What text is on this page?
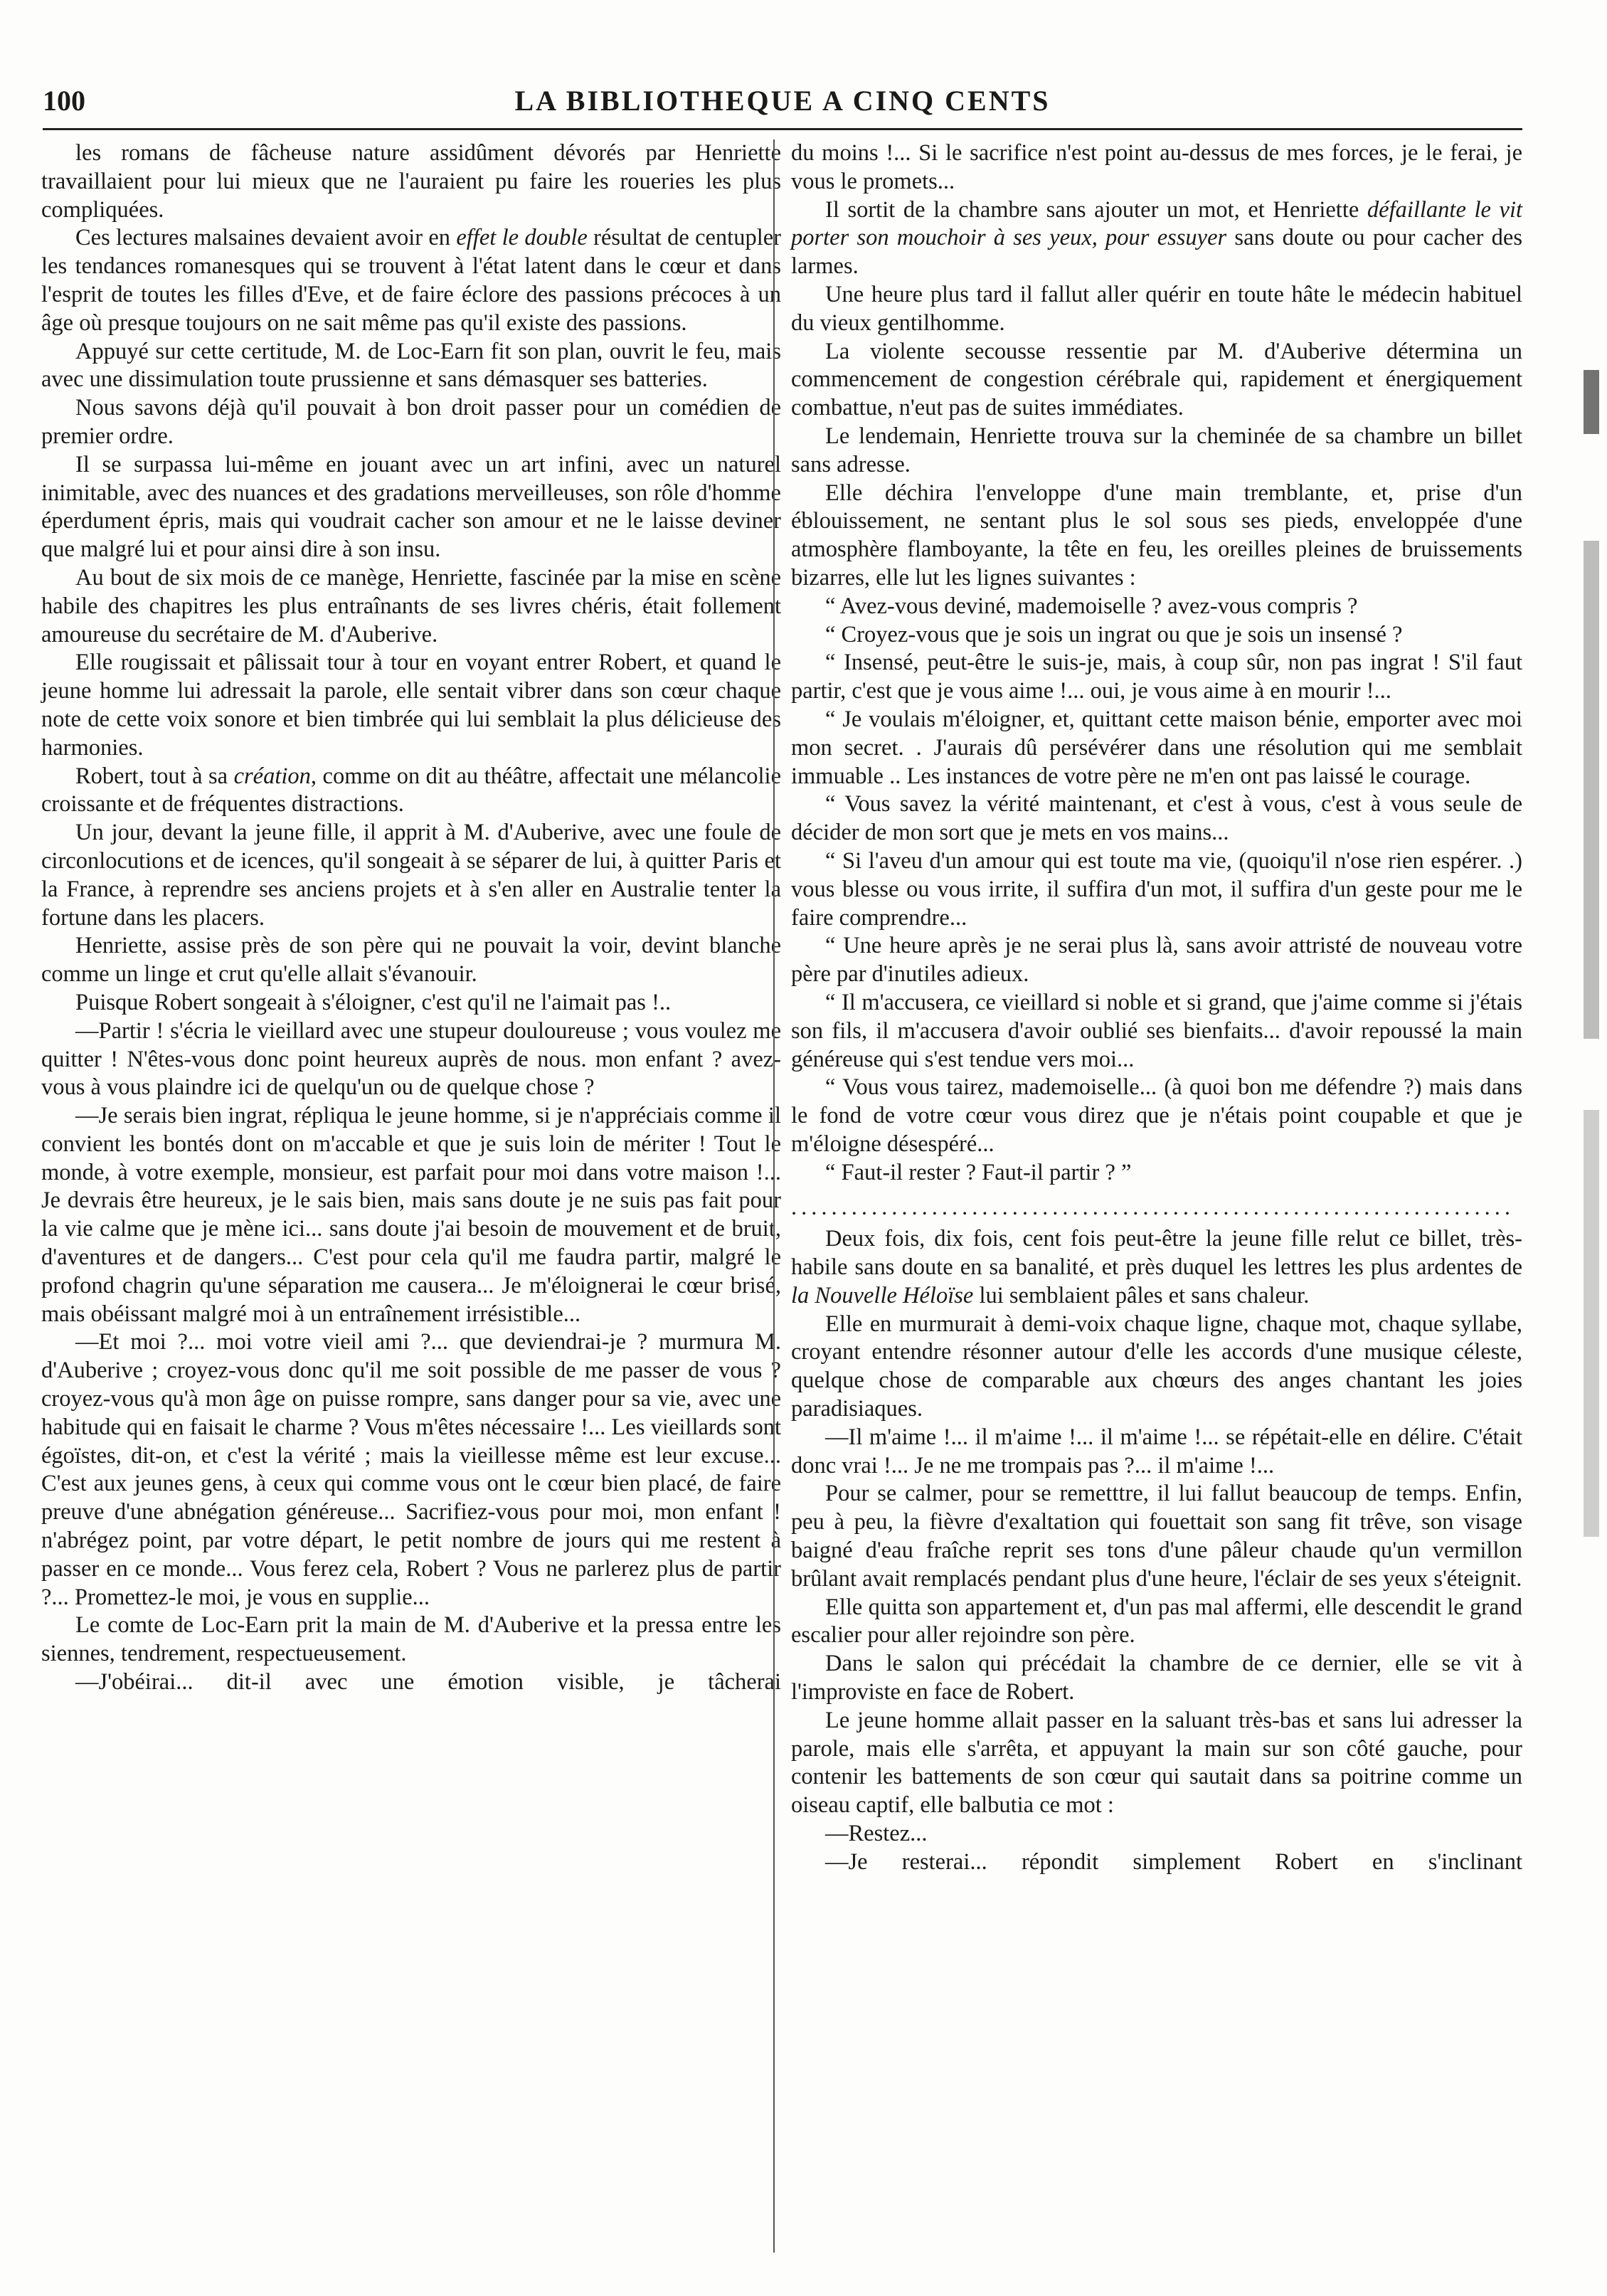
100	LA BIBLIOTHEQUE A CINQ CENTS

les romans de fâcheuse nature assidûment dévorés par Henriette travaillaient pour lui mieux que ne l'auraient pu faire les roueries les plus compliquées.

Ces lectures malsaines devaient avoir en effet le double résultat de centupler les tendances romanesques qui se trouvent à l'état latent dans le cœur et dans l'esprit de toutes les filles d'Eve, et de faire éclore des passions précoces à un âge où presque toujours on ne sait même pas qu'il existe des passions.

Appuyé sur cette certitude, M. de Loc-Earn fit son plan, ouvrit le feu, mais avec une dissimulation toute prussienne et sans démasquer ses batteries.

Nous savons déjà qu'il pouvait à bon droit passer pour un comédien de premier ordre.

Il se surpassa lui-même en jouant avec un art infini, avec un naturel inimitable, avec des nuances et des gradations merveilleuses, son rôle d'homme éperdument épris, mais qui voudrait cacher son amour et ne le laisse deviner que malgré lui et pour ainsi dire à son insu.

Au bout de six mois de ce manège, Henriette, fascinée par la mise en scène habile des chapitres les plus entraînants de ses livres chéris, était follement amoureuse du secrétaire de M. d'Auberive.

Elle rougissait et pâlissait tour à tour en voyant entrer Robert, et quand le jeune homme lui adressait la parole, elle sentait vibrer dans son cœur chaque note de cette voix sonore et bien timbrée qui lui semblait la plus délicieuse des harmonies.

Robert, tout à sa création, comme on dit au théâtre, affectait une mélancolie croissante et de fréquentes distractions.

Un jour, devant la jeune fille, il apprit à M. d'Auberive, avec une foule de circonlocutions et de icences, qu'il songeait à se séparer de lui, à quitter Paris et la France, à reprendre ses anciens projets et à s'en aller en Australie tenter la fortune dans les placers.

Henriette, assise près de son père qui ne pouvait la voir, devint blanche comme un linge et crut qu'elle allait s'évanouir.

Puisque Robert songeait à s'éloigner, c'est qu'il ne l'aimait pas !..

—Partir ! s'écria le vieillard avec une stupeur douloureuse ; vous voulez me quitter ! N'êtes-vous donc point heureux auprès de nous. mon enfant ? avez-vous à vous plaindre ici de quelqu'un ou de quelque chose ?

—Je serais bien ingrat, répliqua le jeune homme, si je n'appréciais comme il convient les bontés dont on m'accable et que je suis loin de mériter ! Tout le monde, à votre exemple, monsieur, est parfait pour moi dans votre maison !... Je devrais être heureux, je le sais bien, mais sans doute je ne suis pas fait pour la vie calme que je mène ici... sans doute j'ai besoin de mouvement et de bruit, d'aventures et de dangers... C'est pour cela qu'il me faudra partir, malgré le profond chagrin qu'une séparation me causera... Je m'éloignerai le cœur brisé, mais obéissant malgré moi à un entraînement irrésistible...

—Et moi ?... moi votre vieil ami ?... que deviendrai-je ? murmura M. d'Auberive ; croyez-vous donc qu'il me soit possible de me passer de vous ? croyez-vous qu'à mon âge on puisse rompre, sans danger pour sa vie, avec une habitude qui en faisait le charme ? Vous m'êtes nécessaire !... Les vieillards sont égoïstes, dit-on, et c'est la vérité ; mais la vieillesse même est leur excuse... C'est aux jeunes gens, à ceux qui comme vous ont le cœur bien placé, de faire preuve d'une abnégation généreuse... Sacrifiez-vous pour moi, mon enfant ! n'abrégez point, par votre départ, le petit nombre de jours qui me restent à passer en ce monde... Vous ferez cela, Robert ? Vous ne parlerez plus de partir ?... Promettez-le moi, je vous en supplie...

Le comte de Loc-Earn prit la main de M. d'Auberive et la pressa entre les siennes, tendrement, respectueusement.

—J'obéirai... dit-il avec une émotion visible, je tâcherai

du moins !... Si le sacrifice n'est point au-dessus de mes forces, je le ferai, je vous le promets...

Il sortit de la chambre sans ajouter un mot, et Henriette défaillante le vit porter son mouchoir à ses yeux, pour essuyer sans doute ou pour cacher des larmes.

Une heure plus tard il fallut aller quérir en toute hâte le médecin habituel du vieux gentilhomme.

La violente secousse ressentie par M. d'Auberive détermina un commencement de congestion cérébrale qui, rapidement et énergiquement combattue, n'eut pas de suites immédiates.

Le lendemain, Henriette trouva sur la cheminée de sa chambre un billet sans adresse.

Elle déchira l'enveloppe d'une main tremblante, et, prise d'un éblouissement, ne sentant plus le sol sous ses pieds, enveloppée d'une atmosphère flamboyante, la tête en feu, les oreilles pleines de bruissements bizarres, elle lut les lignes suivantes :

“ Avez-vous deviné, mademoiselle ? avez-vous compris ?

“ Croyez-vous que je sois un ingrat ou que je sois un insensé ?

“ Insensé, peut-être le suis-je, mais, à coup sûr, non pas ingrat ! S'il faut partir, c'est que je vous aime !... oui, je vous aime à en mourir !...

“ Je voulais m'éloigner, et, quittant cette maison bénie, emporter avec moi mon secret. . J'aurais dû persévérer dans une résolution qui me semblait immuable .. Les instances de votre père ne m'en ont pas laissé le courage.

“ Vous savez la vérité maintenant, et c'est à vous, c'est à vous seule de décider de mon sort que je mets en vos mains...

“ Si l'aveu d'un amour qui est toute ma vie, (quoiqu'il n'ose rien espérer. .) vous blesse ou vous irrite, il suffira d'un mot, il suffira d'un geste pour me le faire comprendre...

“ Une heure après je ne serai plus là, sans avoir attristé de nouveau votre père par d'inutiles adieux.

“ Il m'accusera, ce vieillard si noble et si grand, que j'aime comme si j'étais son fils, il m'accusera d'avoir oublié ses bienfaits... d'avoir repoussé la main généreuse qui s'est tendue vers moi...

“ Vous vous tairez, mademoiselle... (à quoi bon me défendre ?) mais dans le fond de votre cœur vous direz que je n'étais point coupable et que je m'éloigne désespéré...

“ Faut-il rester ? Faut-il partir ? ”

........................................................................

Deux fois, dix fois, cent fois peut-être la jeune fille relut ce billet, très-habile sans doute en sa banalité, et près duquel les lettres les plus ardentes de la Nouvelle Héloïse lui semblaient pâles et sans chaleur.

Elle en murmurait à demi-voix chaque ligne, chaque mot, chaque syllabe, croyant entendre résonner autour d'elle les accords d'une musique céleste, quelque chose de comparable aux chœurs des anges chantant les joies paradisiaques.

—Il m'aime !... il m'aime !... il m'aime !... se répétait-elle en délire. C'était donc vrai !... Je ne me trompais pas ?... il m'aime !...

Pour se calmer, pour se remetttre, il lui fallut beaucoup de temps. Enfin, peu à peu, la fièvre d'exaltation qui fouettait son sang fit trêve, son visage baigné d'eau fraîche reprit ses tons d'une pâleur chaude qu'un vermillon brûlant avait remplacés pendant plus d'une heure, l'éclair de ses yeux s'éteignit.

Elle quitta son appartement et, d'un pas mal affermi, elle descendit le grand escalier pour aller rejoindre son père.

Dans le salon qui précédait la chambre de ce dernier, elle se vit à l'improviste en face de Robert.

Le jeune homme allait passer en la saluant très-bas et sans lui adresser la parole, mais elle s'arrêta, et appuyant la main sur son côté gauche, pour contenir les battements de son cœur qui sautait dans sa poitrine comme un oiseau captif, elle balbutia ce mot :

—Restez...

—Je resterai... répondit simplement Robert en s'inclinant
